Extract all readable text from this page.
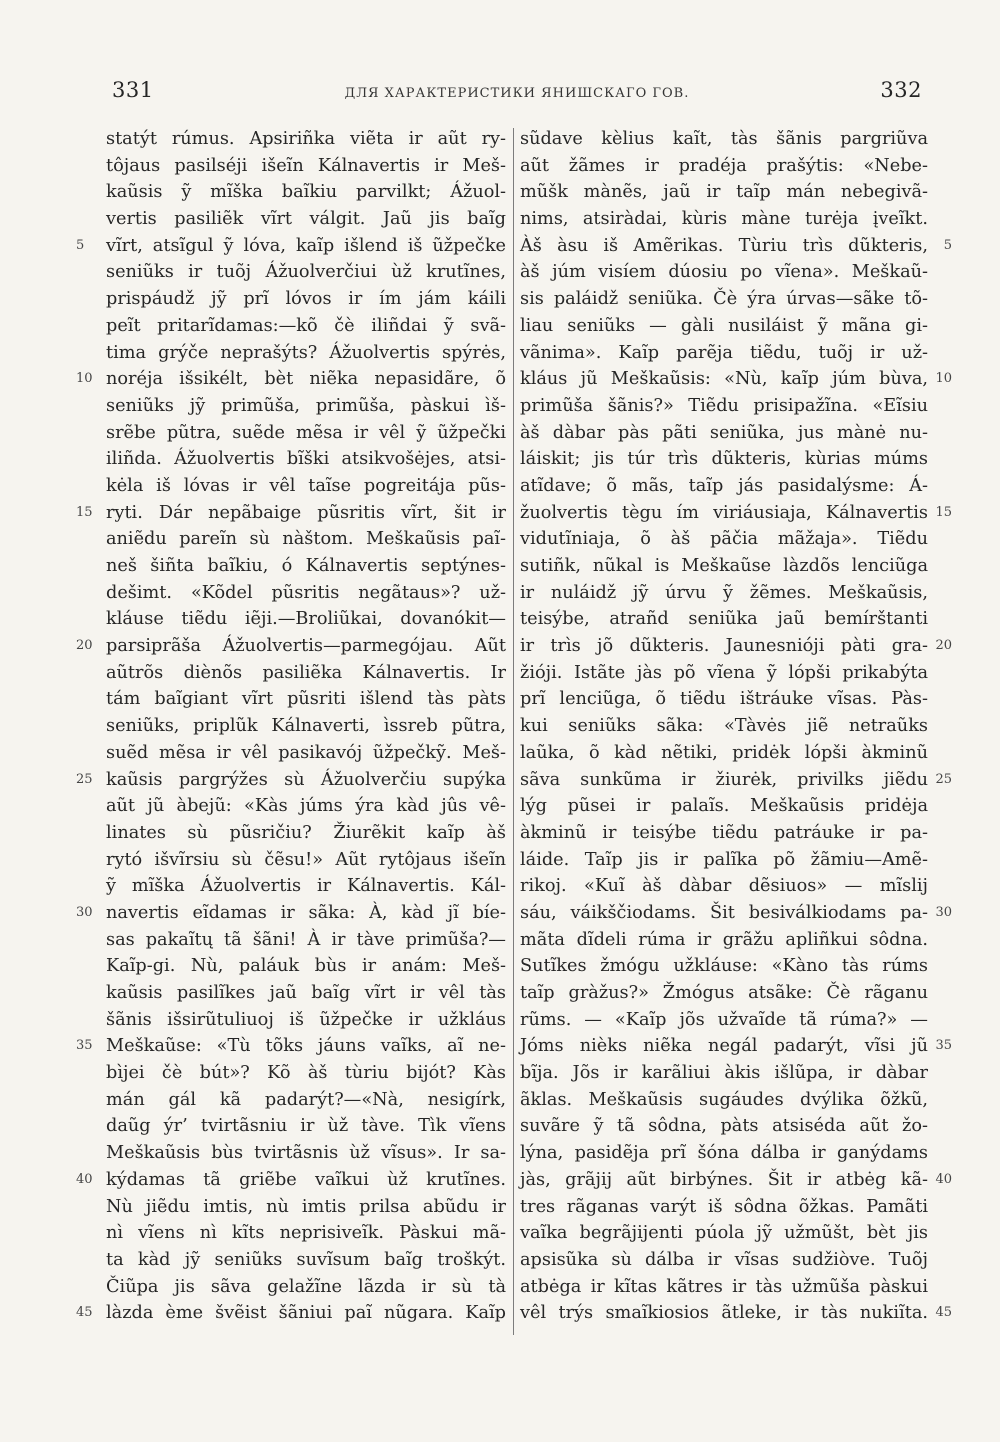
331	ДЛЯ ХАРАКТЕРИСТИКИ ЯНИШСКАГО ГОВ.	332
statýt rúmus. Apsiriñka viẽta ir aũt ry-
tôjaus pasilséji išeĩn Kálnavertis ir Meš-
kaũsis ỹ mĩška baĩkiu parvilkt; Ážuol-
vertis pasiliẽk vĩrt válgit. Jaũ jis baĩg
vĩrt, atsĩgul ỹ lóva, kaĩp išlend iš ũžpečke
5
seniũks ir tuõj Ážuolverčiui ùž krutĩnes,
prispáudž jỹ prĩ lóvos ir ím jám káili
peĩt pritarĩdamas:—kõ čè iliñdai ỹ svã-
tima grýče neprašýts? Ážuolvertis spýrės,
noréja išsikélt, bèt niẽka nepasidãre, õ
10
seniũks jỹ primũša, primũša, pàskui ìš-
srẽbe pũtra, suẽde mẽsa ir vêl ỹ ũžpečki
iliñda. Ážuolvertis bĩški atsikvošėjes, atsi-
kėla iš lóvas ir vêl taĩse pogreitája pũs-
ryti. Dár nepãbaige pũsritis vĩrt, šit ir
15
aniẽdu pareĩn sù nàštom. Meškaũsis paĩ-
neš šiñta baĩkiu, ó Kálnavertis septýnes-
dešimt. «Kõdel pũsritis negãtaus»? už-
kláuse tiẽdu iẽji.—Broliũkai, dovanókit—
parsiprãša Ážuolvertis—parmegójau. Aũt
20
aũtrõs diènõs pasiliẽka Kálnavertis. Ir
tám baĩgiant vĩrt pũsriti išlend tàs pàts
seniũks, priplũk Kálnaverti, ìssreb pũtra,
suẽd mẽsa ir vêl pasikavój ũžpečkỹ. Meš-
kaũsis pargrýžes sù Ážuolverčiu supýka
25
aũt jũ àbejũ: «Kàs júms ýra kàd jûs vê-
linates sù pũsričiu? Žiurẽkit kaĩp àš
rytó išvĩrsiu sù čẽsu!» Aũt rytôjaus išeĩn
ỹ mĩška Ážuolvertis ir Kálnavertis. Kál-
navertis eĩdamas ir sãka: À, kàd jĩ bíe-
30
sas pakaĩtų tã šãni! À ir tàve primũša?—
Kaĩp-gi. Nù, paláuk bùs ir anám: Meš-
kaũsis pasilĩkes jaũ baĩg vĩrt ir vêl tàs
šãnis išsirũtuliuoj iš ũžpečke ir užkláus
Meškaũse: «Tù tõks jáuns vaĩks, aĩ ne-
35
bìjei čè bút»? Kõ àš tùriu bijót? Kàs
mán gál kã padarýt?—«Nà, nesigírk,
daũg ýr’ tvirtãsniu ir ùž tàve. Tìk vĩens
Meškaũsis bùs tvirtãsnis ùž vĩsus». Ir sa-
kýdamas tã griẽbe vaĩkui ùž krutĩnes.
40
Nù jiẽdu imtis, nù imtis prilsa abũdu ir
nì vĩens nì kĩts neprisiveĩk. Pàskui mã-
ta kàd jỹ seniũks suvĩsum baĩg troškýt.
Čiũpa jis sãva gelažĩne lãzda ir sù tà
làzda ème švẽist šãniui paĩ nũgara. Kaĩp
45
sũdave kèlius kaĩt, tàs šãnis pargriũva
aũt žãmes ir pradéja prašýtis: «Nebe-
mũšk mànẽs, jaũ ir taĩp mán nebegivã-
nims, atsiràdai, kùris màne turėja įveĩkt.
Àš àsu iš Amẽrikas. Tùriu trìs dũkteris, 5
àš júm visíem dúosiu po vĩena». Meškaũ-
sis paláidž seniũka. Čè ýra úrvas—sãke tõ-
liau seniũks — gàli nusiláist ỹ mãna gi-
vãnima». Kaĩp parẽja tiẽdu, tuõj ir už-
kláus jũ Meškaũsis: «Nù, kaĩp júm bùva, 10
primũša šãnis?» Tiẽdu prisipažĩna. «Eĩsiu
àš dàbar pàs pãti seniũka, jus mànė nu-
láiskit; jis túr trìs dũkteris, kùrias múms
atĩdave; õ mãs, taĩp jás pasidalýsme: Á-
žuolvertis tègu ím viriáusiaja, Kálnavertis 15
vidutĩniaja, õ àš pãčia mãžaja». Tiẽdu
sutiñk, nũkal is Meškaũse làzdõs lenciũga
ir nuláidž jỹ úrvu ỹ žẽmes. Meškaũsis,
teisýbe, atrañd seniũka jaũ bemírštanti
ir trìs jõ dũkteris. Jaunesnióji pàti gra- 20
žióji. Istãte jàs põ vĩena ỹ lópši prikabýta
prĩ lenciũga, õ tiẽdu ištráuke vĩsas. Pàs-
kui seniũks sãka: «Tàvės jiẽ netraũks
laũka, õ kàd nẽtiki, pridėk lópši àkminũ
sãva sunkũma ir žiurėk, privilks jiẽdu 25
lýg pũsei ir palaĩs. Meškaũsis pridėja
àkminũ ir teisýbe tiẽdu patráuke ir pa-
láide. Taĩp jis ir palĩka põ žãmiu—Amẽ-
rikoj. «Kuĩ àš dàbar dẽsiuos» — mĩslij
sáu, váikščiodams. Šit besiválkiodams pa- 30
mãta dĩdeli rúma ir grãžu apliñkui sôdna.
Sutĩkes žmógu užkláuse: «Kàno tàs rúms
taĩp gràžus?» Žmógus atsãke: Čè rãganu
rũms. — «Kaĩp jõs užvaĩde tã rúma?» —
Jóms nièks niẽka negál padarýt, vĩsi jũ 35
bĩja. Jõs ir karãliui àkis išlũpa, ir dàbar
ãklas. Meškaũsis sugáudes dvýlika õžkũ,
suvãre ỹ tã sôdna, pàts atsiséda aũt žo-
lýna, pasidẽja prĩ šóna dálba ir ganýdams
jàs, grãjij aũt birbýnes. Šit ir atbėg kã- 40
tres rãganas varýt iš sôdna õžkas. Pamãti
vaĩka begrãjijenti púola jỹ užmũšt, bèt jis
apsisũka sù dálba ir vĩsas sudžiòve. Tuõj
atbėga ir kĩtas kãtres ir tàs užmũša pàskui
vêl trýs smaĩkiosios ãtleke, ir tàs nukiĩta. 45
